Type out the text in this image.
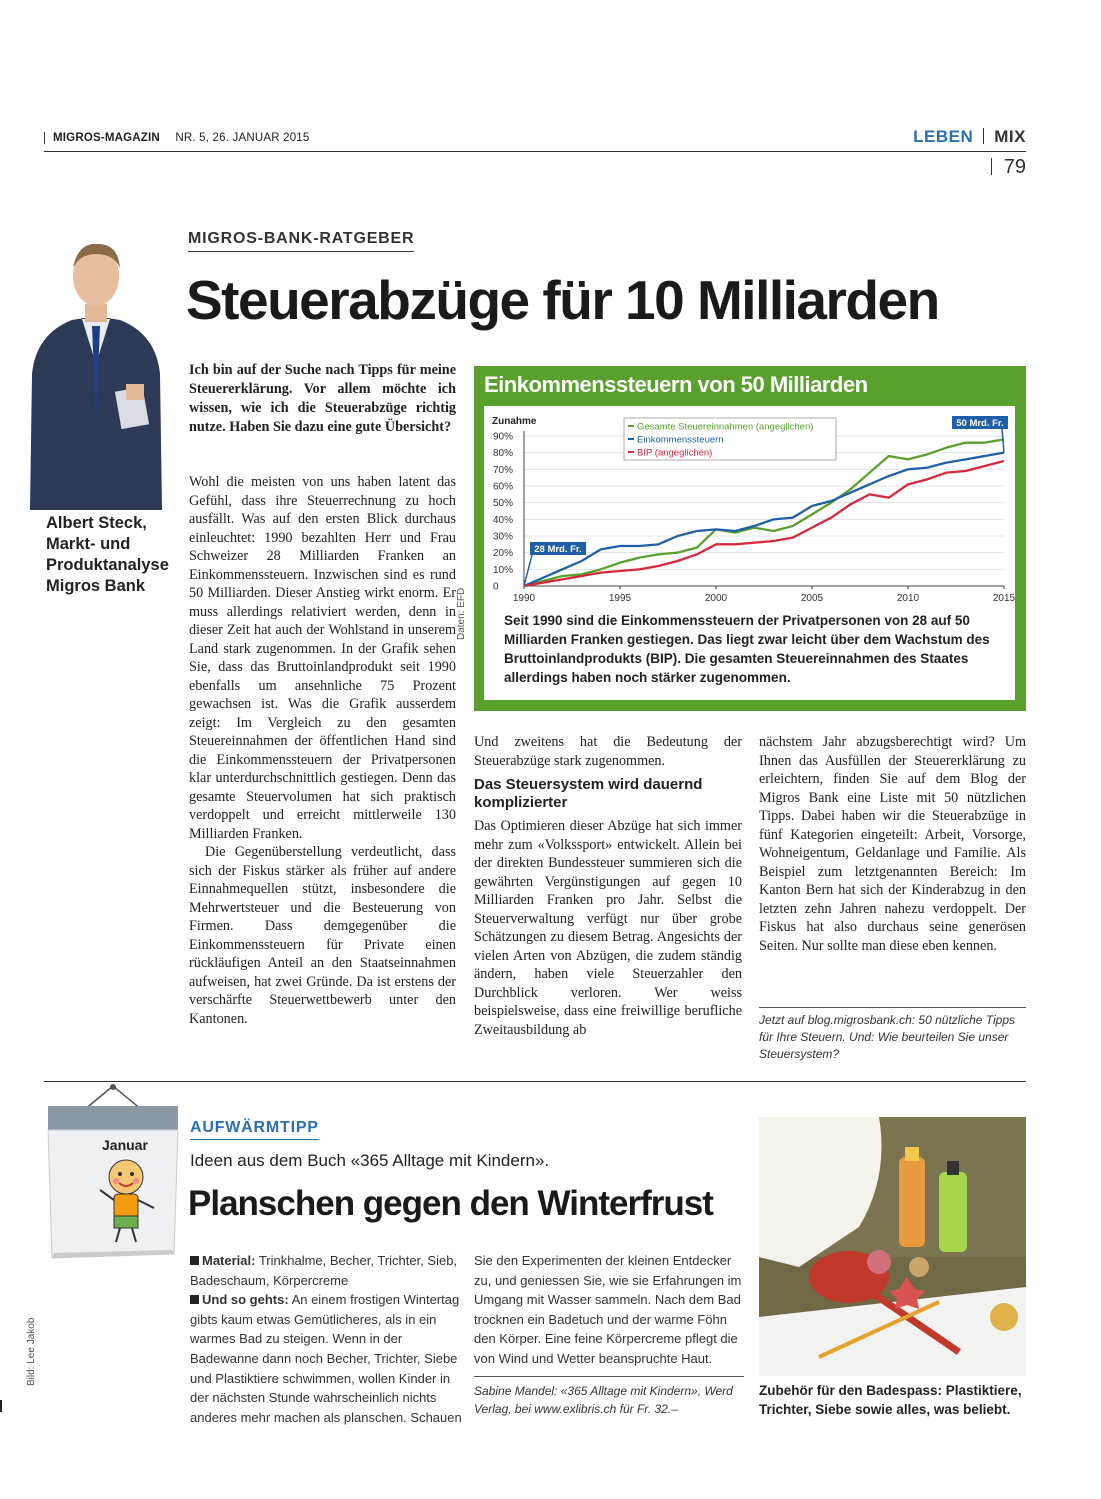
MIGROS-MAGAZIN NR. 5, 26. JANUAR 2015	LEBEN MIX
79
Albert Steck,
Markt- und
Produktanalyse
Migros Bank
MIGROS-BANK-RATGEBER
Steuerabzüge für 10 Milliarden
Ich bin auf der Suche nach Tipps für meine Steuererklärung. Vor allem möchte ich wissen, wie ich die Steuerabzüge richtig nutze. Haben Sie dazu eine gute Übersicht?

Wohl die meisten von uns haben latent das Gefühl, dass ihre Steuerrechnung zu hoch ausfällt. Was auf den ersten Blick durchaus einleuchtet: 1990 bezahlten Herr und Frau Schweizer 28 Milliarden Franken an Einkommenssteuern. Inzwischen sind es rund 50 Milliarden. Dieser Anstieg wirkt enorm. Er muss allerdings relativiert werden, denn in dieser Zeit hat auch der Wohlstand in unserem Land stark zugenommen. In der Grafik sehen Sie, dass das Bruttoinlandprodukt seit 1990 ebenfalls um ansehnliche 75 Prozent gewachsen ist. Was die Grafik ausserdem zeigt: Im Vergleich zu den gesamten Steuereinnahmen der öffentlichen Hand sind die Einkommenssteuern der Privatpersonen klar unterdurchschnittlich gestiegen. Denn das gesamte Steuervolumen hat sich praktisch verdoppelt und erreicht mittlerweile 130 Milliarden Franken.

Die Gegenüberstellung verdeutlicht, dass sich der Fiskus stärker als früher auf andere Einnahmequellen stützt, insbesondere die Mehrwertsteuer und die Besteuerung von Firmen. Dass demgegenüber die Einkommenssteuern für Private einen rückläufigen Anteil an den Staatseinnahmen aufweisen, hat zwei Gründe. Da ist erstens der verschärfte Steuerwettbewerb unter den Kantonen.

Einkommenssteuern von 50 Milliarden
Zunahme
0
10%
20%
30%
40%
50%
60%
70%
80%
90%
1990	1995	2000	2005	2010	2015
Gesamte Steuereinnahmen (angeglichen)
Einkommenssteuern
BIP (angeglichen)
28 Mrd. Fr.
50 Mrd. Fr.
Seit 1990 sind die Einkommenssteuern der Privatpersonen von 28 auf 50 Milliarden Franken gestiegen. Das liegt zwar leicht über dem Wachstum des Bruttoinlandprodukts (BIP). Die gesamten Steuereinnahmen des Staates allerdings haben noch stärker zugenommen.
Daten: EFD

Und zweitens hat die Bedeutung der Steuerabzüge stark zugenommen.

Das Steuersystem wird dauernd komplizierter

Das Optimieren dieser Abzüge hat sich immer mehr zum «Volkssport» entwickelt. Allein bei der direkten Bundessteuer summieren sich die gewährten Vergünstigungen auf gegen 10 Milliarden Franken pro Jahr. Selbst die Steuerverwaltung verfügt nur über grobe Schätzungen zu diesem Betrag. Angesichts der vielen Arten von Abzügen, die zudem ständig ändern, haben viele Steuerzahler den Durchblick verloren. Wer weiss beispielsweise, dass eine freiwillige berufliche Zweitausbildung ab

nächstem Jahr abzugsberechtigt wird? Um Ihnen das Ausfüllen der Steuererklärung zu erleichtern, finden Sie auf dem Blog der Migros Bank eine Liste mit 50 nützlichen Tipps. Dabei haben wir die Steuerabzüge in fünf Kategorien eingeteilt: Arbeit, Vorsorge, Wohneigentum, Geldanlage und Familie. Als Beispiel zum letztgenannten Bereich: Im Kanton Bern hat sich der Kinderabzug in den letzten zehn Jahren nahezu verdoppelt. Der Fiskus hat also durchaus seine generösen Seiten. Nur sollte man diese eben kennen.

Jetzt auf blog.migrosbank.ch: 50 nützliche Tipps für Ihre Steuern. Und: Wie beurteilen Sie unser Steuersystem?
Januar
AUFWÄRMTIPP
Ideen aus dem Buch «365 Alltage mit Kindern».
Planschen gegen den Winterfrust
Material: Trinkhalme, Becher, Trichter, Sieb, Badeschaum, Körpercreme
Und so gehts: An einem frostigen Wintertag gibts kaum etwas Gemütlicheres, als in ein warmes Bad zu steigen. Wenn in der Badewanne dann noch Becher, Trichter, Siebe und Plastiktiere schwimmen, wollen Kinder in der nächsten Stunde wahrscheinlich nichts anderes mehr machen als planschen. Schauen
Sie den Experimenten der kleinen Entdecker zu, und geniessen Sie, wie sie Erfahrungen im Umgang mit Wasser sammeln. Nach dem Bad trocknen ein Badetuch und der warme Föhn den Körper. Eine feine Körpercreme pflegt die von Wind und Wetter beanspruchte Haut.
Sabine Mandel: «365 Alltage mit Kindern», Werd Verlag, bei www.exlibris.ch für Fr. 32.–
Zubehör für den Badespass: Plastiktiere, Trichter, Siebe sowie alles, was beliebt.
Bild: Lee Jakob
